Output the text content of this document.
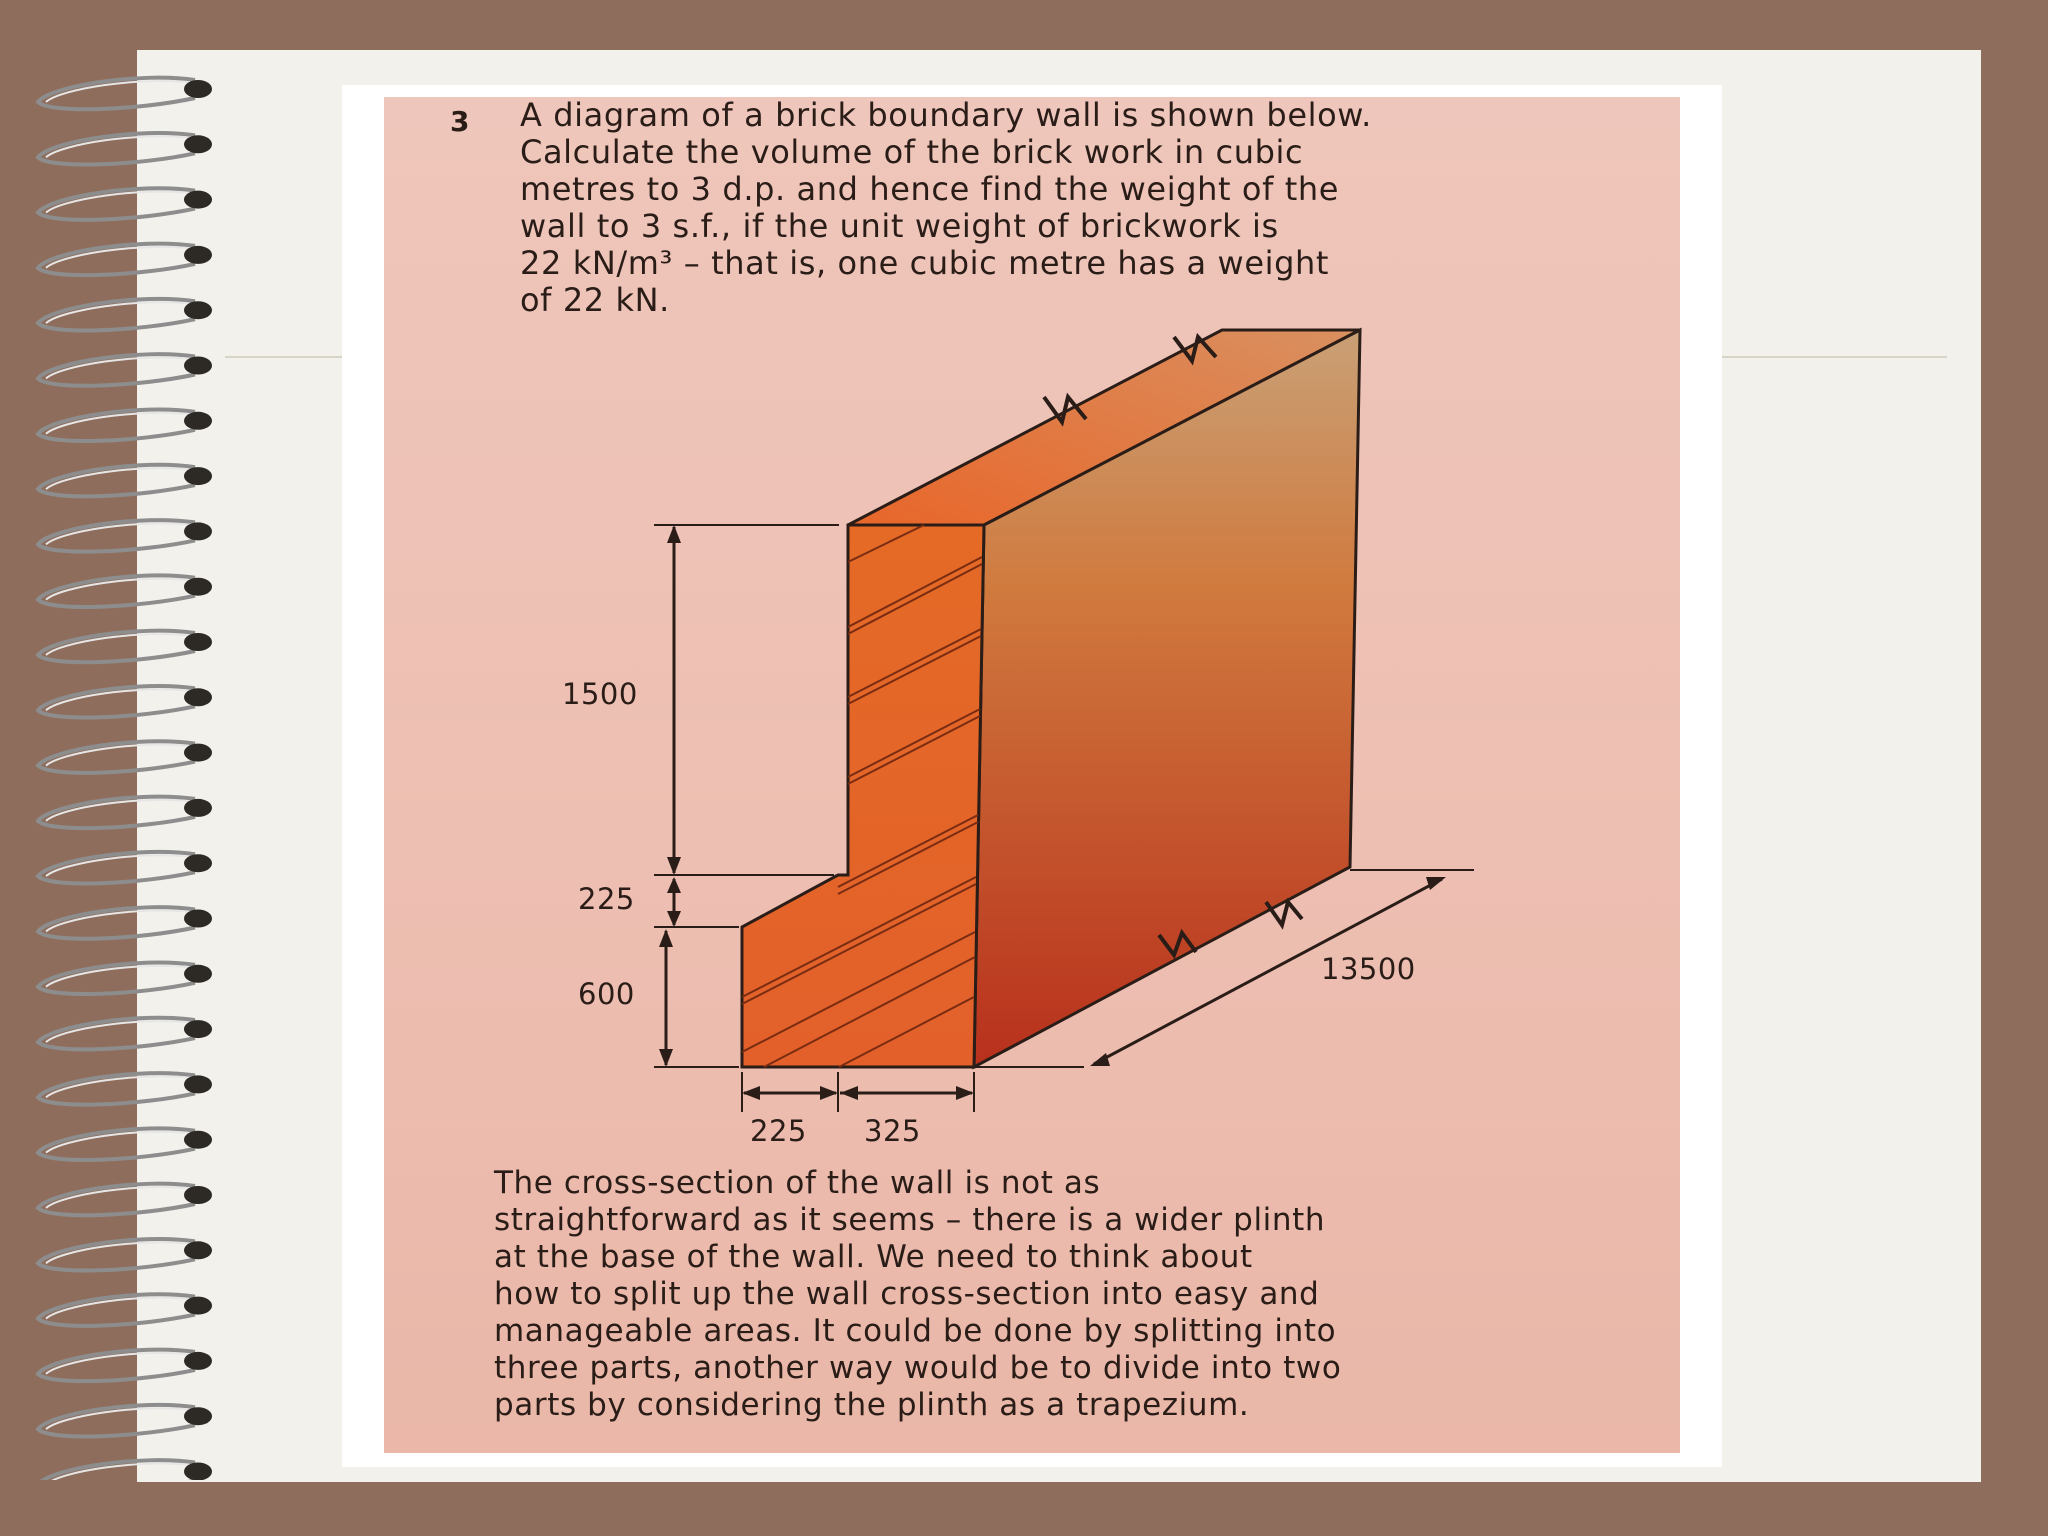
3 A diagram of a brick boundary wall is shown below.
Calculate the volume of the brick work in cubic
metres to 3 d.p. and hence find the weight of the
wall to 3 s.f., if the unit weight of brickwork is
22 kN/m³ – that is, one cubic metre has a weight
of 22 kN.
1500
225
600
225 325
13500
The cross-section of the wall is not as
straightforward as it seems – there is a wider plinth
at the base of the wall. We need to think about
how to split up the wall cross-section into easy and
manageable areas. It could be done by splitting into
three parts, another way would be to divide into two
parts by considering the plinth as a trapezium.
